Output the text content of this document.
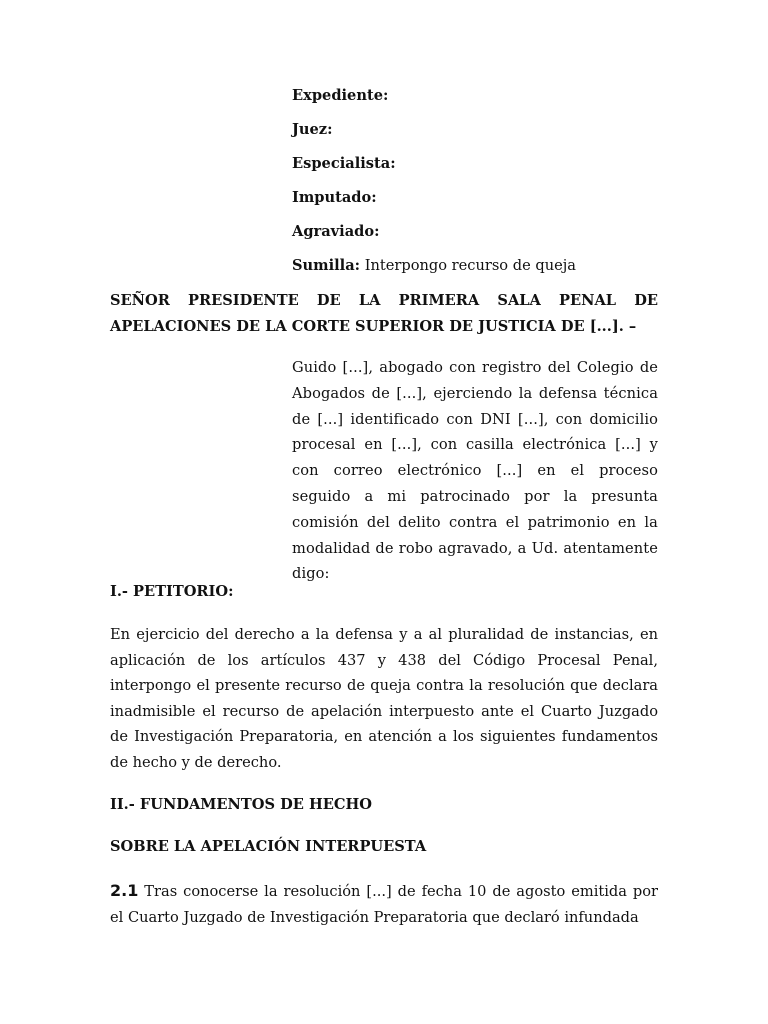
Expediente:
Juez:
Especialista:
Imputado:
Agraviado:
Sumilla: Interpongo recurso de queja
SEÑOR PRESIDENTE DE LA PRIMERA SALA PENAL DE
APELACIONES DE LA CORTE SUPERIOR DE JUSTICIA DE [...]. –
Guido [...], abogado con registro del Colegio de Abogados de [...], ejerciendo la defensa técnica de [...] identificado con DNI [...], con domicilio procesal en [...], con casilla electrónica [...] y con correo electrónico [...] en el proceso seguido a mi patrocinado por la presunta comisión del delito contra el patrimonio en la modalidad de robo agravado, a Ud. atentamente digo:
I.- PETITORIO:
En ejercicio del derecho a la defensa y a al pluralidad de instancias, en aplicación de los artículos 437 y 438 del Código Procesal Penal, interpongo el presente recurso de queja contra la resolución que declara inadmisible el recurso de apelación interpuesto ante el Cuarto Juzgado de Investigación Preparatoria, en atención a los siguientes fundamentos de hecho y de derecho.
II.- FUNDAMENTOS DE HECHO
SOBRE LA APELACIÓN INTERPUESTA
2.1 Tras conocerse la resolución [...] de fecha 10 de agosto emitida por el Cuarto Juzgado de Investigación Preparatoria que declaró infundada
